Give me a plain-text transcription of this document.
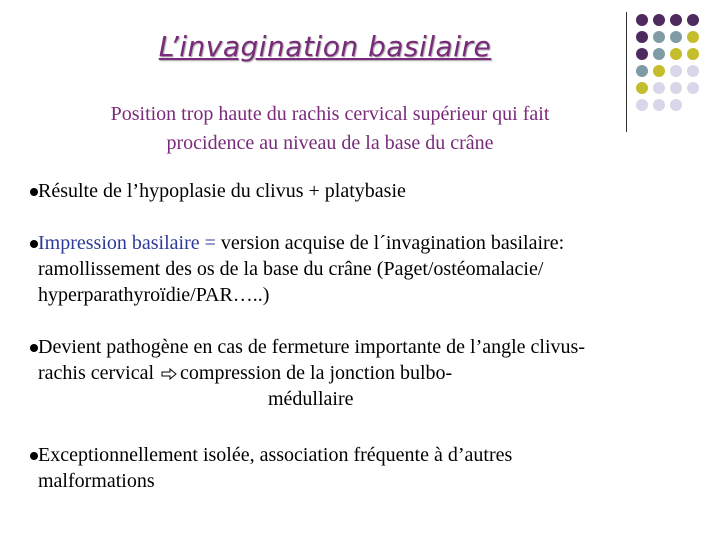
L’invagination basilaire
Position trop haute du rachis cervical supérieur qui fait
procidence au niveau de la base du crâne
Résulte de l’hypoplasie du clivus + platybasie
Impression basilaire = version acquise de l´invagination basilaire:
ramollissement des os de la base du crâne (Paget/ostéomalacie/
hyperparathyroïdie/PAR…..)
Devient pathogène en cas de fermeture importante de l’angle clivus-
rachis cervical compression de la jonction bulbo-
médullaire
Exceptionnellement isolée, association fréquente à d’autres
malformations
